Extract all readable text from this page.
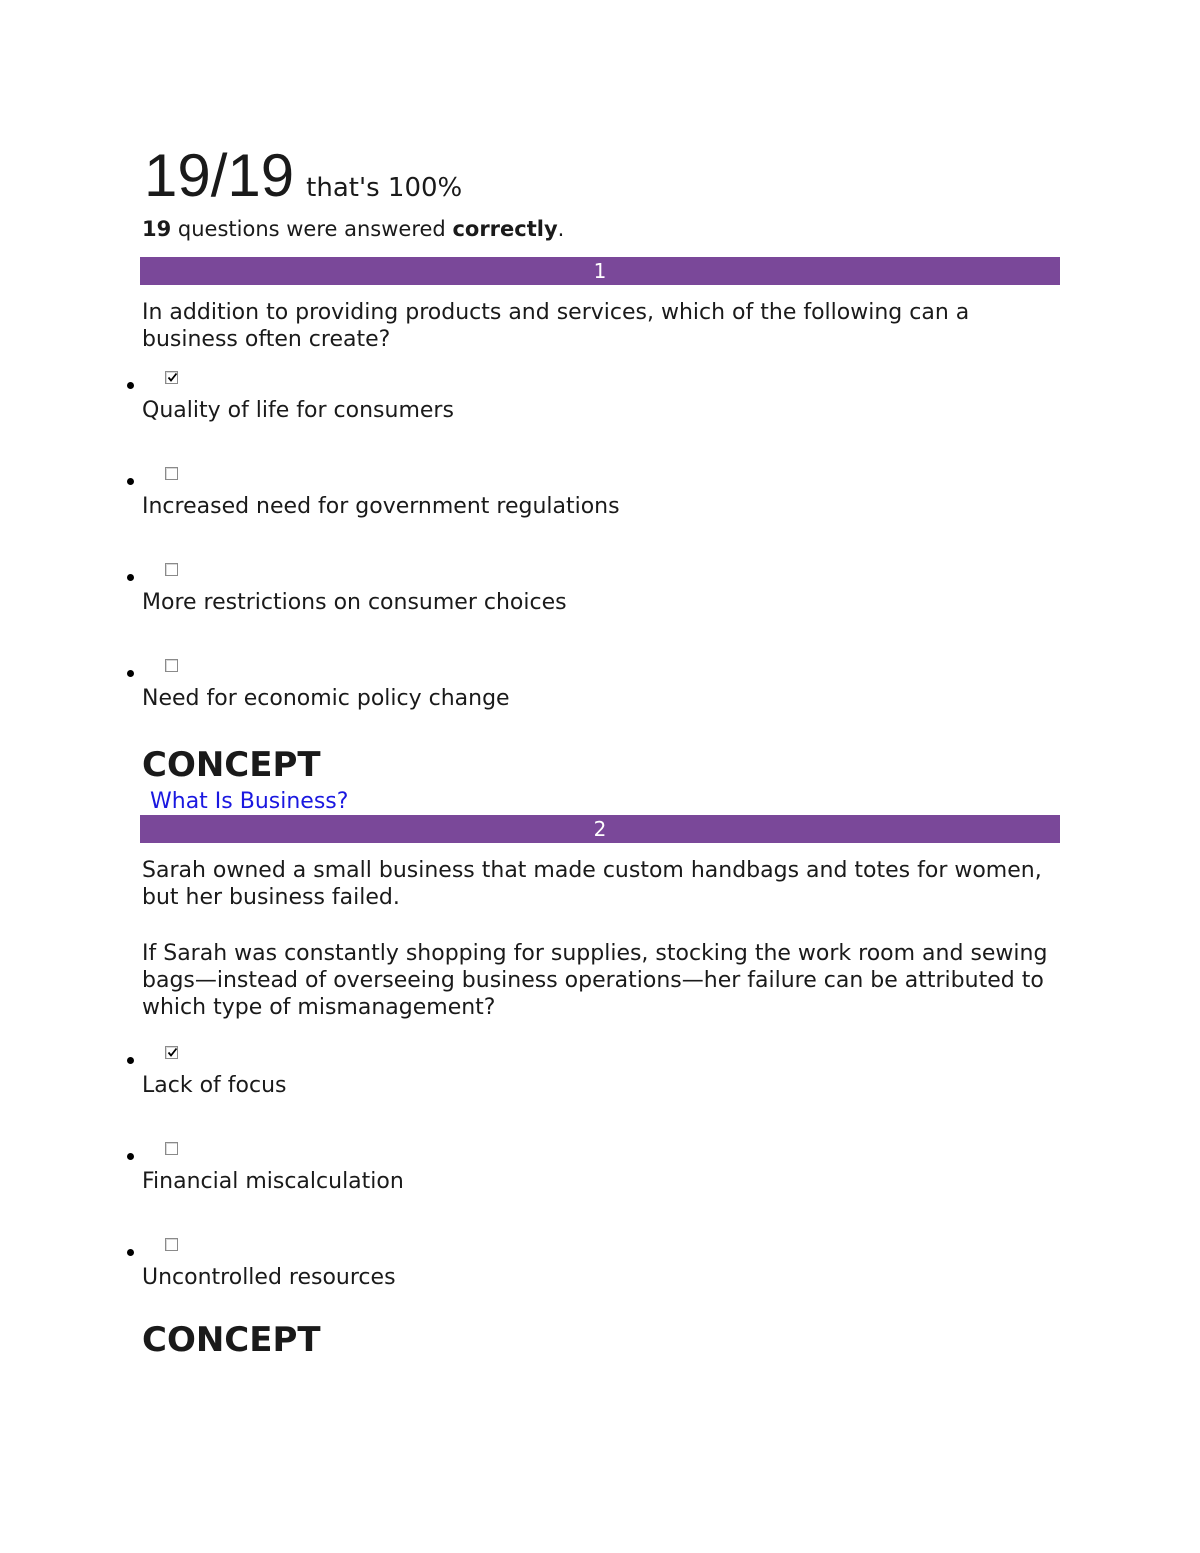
19/19 that's 100%
19 questions were answered correctly.
1

In addition to providing products and services, which of the following can a business often create?

Quality of life for consumers
Increased need for government regulations
More restrictions on consumer choices
Need for economic policy change
CONCEPT
What Is Business?
2

Sarah owned a small business that made custom handbags and totes for women, but her business failed.

If Sarah was constantly shopping for supplies, stocking the work room and sewing bags—instead of overseeing business operations—her failure can be attributed to which type of mismanagement?

Lack of focus
Financial miscalculation
Uncontrolled resources
CONCEPT
